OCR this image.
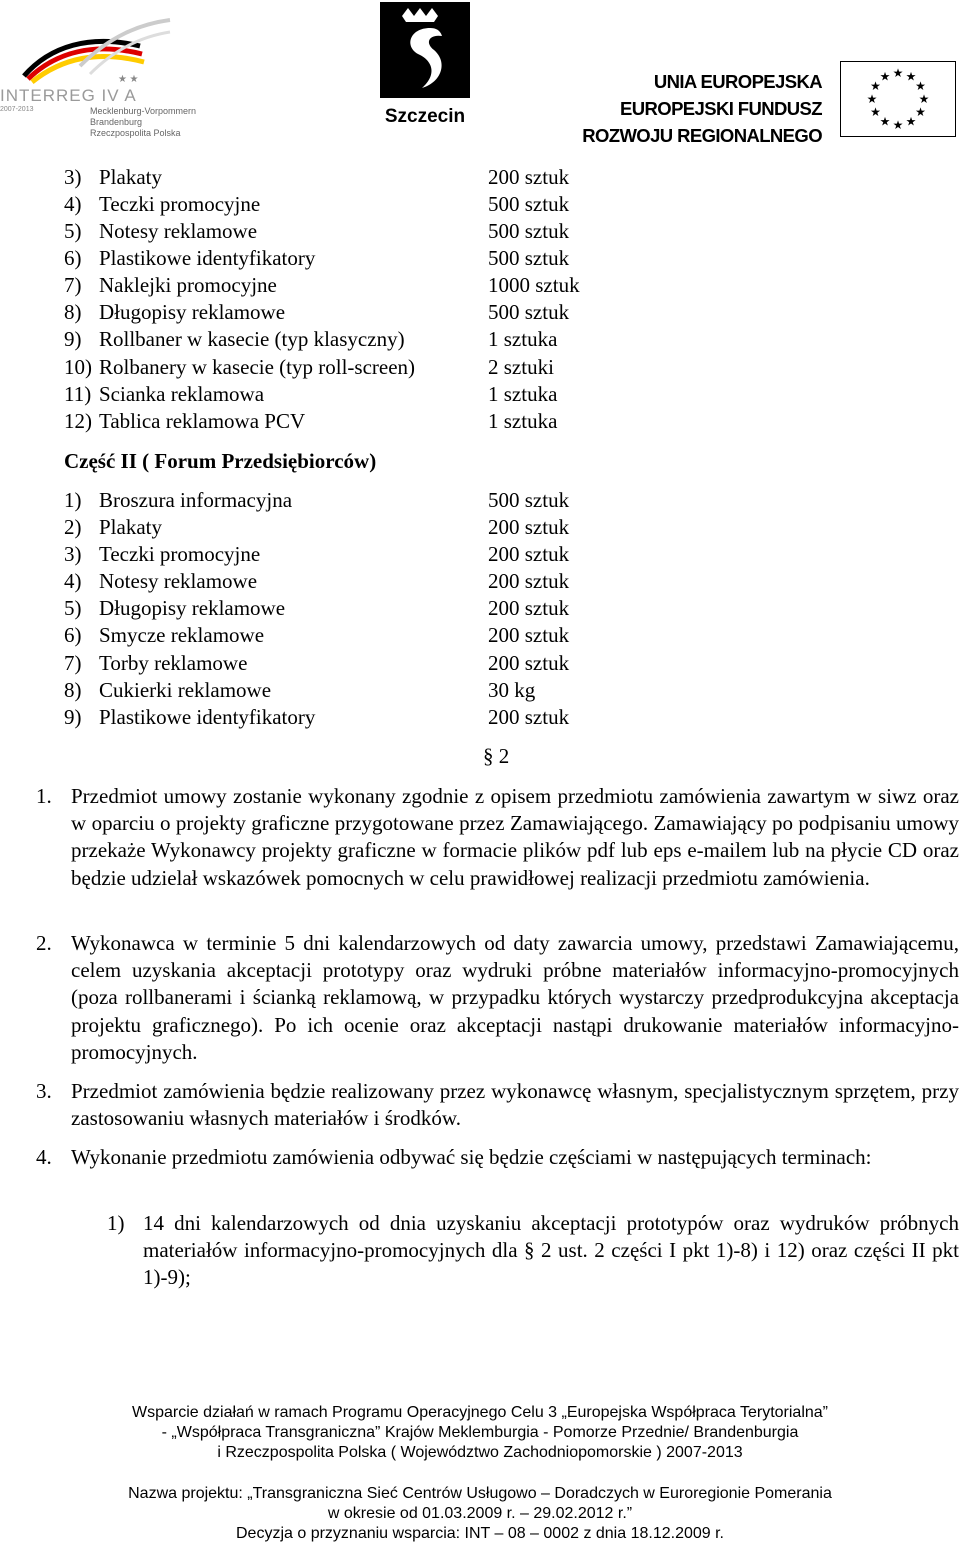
★ ★
INTERREG IV A
2007-2013	Mecklenburg-Vorpommern
Brandenburg
Rzeczpospolita Polska
Szczecin
UNIA EUROPEJSKA
EUROPEJSKI FUNDUSZ
ROZWOJU REGIONALNEGO
★ ★
★
★
★
★
★
★
★
★
★
★
3) Plakaty	200 sztuk
4) Teczki promocyjne	500 sztuk
5) Notesy reklamowe	500 sztuk
6) Plastikowe identyfikatory	500 sztuk
7) Naklejki promocyjne	1000 sztuk
8) Długopisy reklamowe	500 sztuk
9) Rollbaner w kasecie (typ klasyczny)	1 sztuka
10) Rolbanery w kasecie (typ roll-screen)	2 sztuki
11) Scianka reklamowa	1 sztuka
12) Tablica reklamowa PCV	1 sztuka
Część II ( Forum Przedsiębiorców)
1) Broszura informacyjna	500 sztuk
2) Plakaty	200 sztuk
3) Teczki promocyjne	200 sztuk
4) Notesy reklamowe	200 sztuk
5) Długopisy reklamowe	200 sztuk
6) Smycze reklamowe	200 sztuk
7) Torby reklamowe	200 sztuk
8) Cukierki reklamowe	30 kg
9) Plastikowe identyfikatory	200 sztuk
§ 2
1. Przedmiot umowy zostanie wykonany zgodnie z opisem przedmiotu zamówienia zawartym w siwz oraz w oparciu o projekty graficzne przygotowane przez Zamawiającego. Zamawiający po podpisaniu umowy przekaże Wykonawcy projekty graficzne w formacie plików pdf lub eps e-mailem lub na płycie CD oraz będzie udzielał wskazówek pomocnych w celu prawidłowej realizacji przedmiotu zamówienia.
2. Wykonawca w terminie 5 dni kalendarzowych od daty zawarcia umowy, przedstawi Zamawiającemu, celem uzyskania akceptacji prototypy oraz wydruki próbne materiałów informacyjno-promocyjnych (poza rollbanerami i ścianką reklamową, w przypadku których wystarczy przedprodukcyjna akceptacja projektu graficznego). Po ich ocenie oraz akceptacji nastąpi drukowanie materiałów informacyjno-promocyjnych.
3. Przedmiot zamówienia będzie realizowany przez wykonawcę własnym, specjalistycznym sprzętem, przy zastosowaniu własnych materiałów i środków.
4. Wykonanie przedmiotu zamówienia odbywać się będzie częściami w następujących terminach:
1) 14 dni kalendarzowych od dnia uzyskaniu akceptacji prototypów oraz wydruków próbnych materiałów informacyjno-promocyjnych dla § 2 ust. 2 części I pkt 1)-8) i 12) oraz części II pkt 1)-9);
Wsparcie działań w ramach Programu Operacyjnego Celu 3 „Europejska Współpraca Terytorialna”
- „Współpraca Transgraniczna” Krajów Meklemburgia - Pomorze Przednie/ Brandenburgia
i Rzeczpospolita Polska ( Województwo Zachodniopomorskie ) 2007-2013
Nazwa projektu: „Transgraniczna Sieć Centrów Usługowo – Doradczych w Euroregionie Pomerania
w okresie od 01.03.2009 r. – 29.02.2012 r.”
Decyzja o przyznaniu wsparcia: INT – 08 – 0002 z dnia 18.12.2009 r.
